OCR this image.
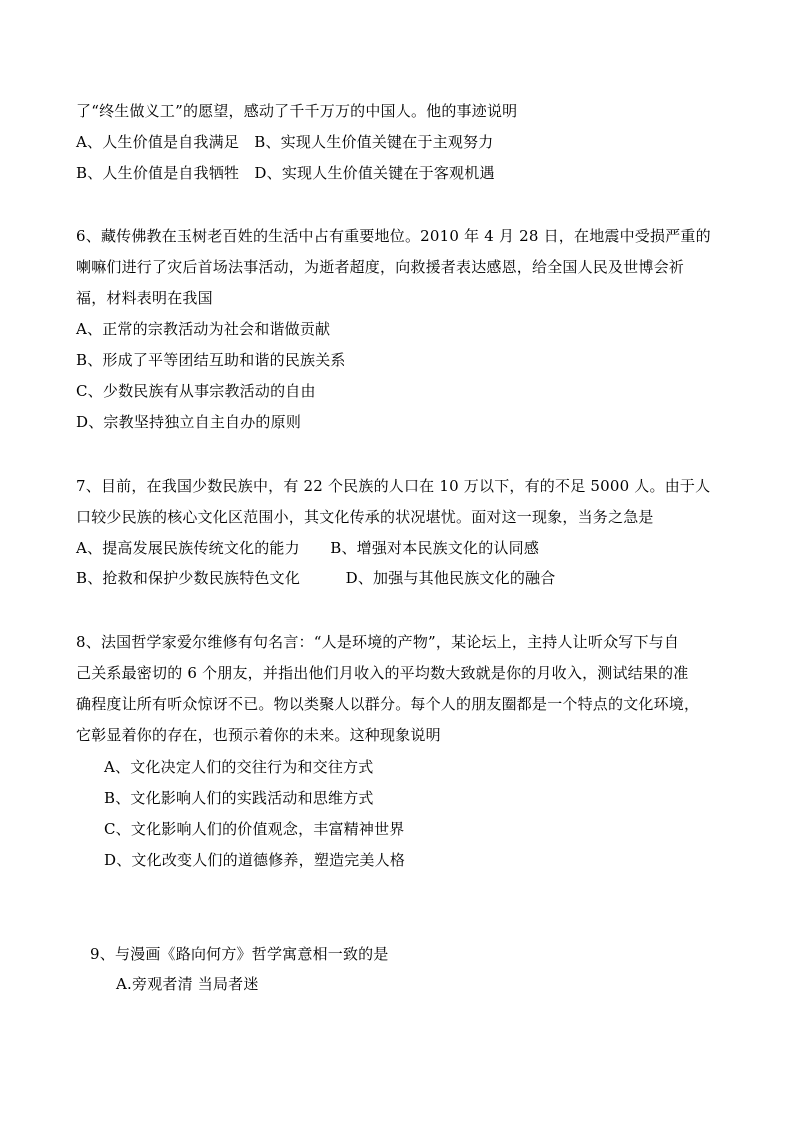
了“终生做义工”的愿望，感动了千千万万的中国人。他的事迹说明
A、人生价值是自我满足　B、实现人生价值关键在于主观努力
B、人生价值是自我牺牲　D、实现人生价值关键在于客观机遇
6、藏传佛教在玉树老百姓的生活中占有重要地位。2010 年 4 月 28 日，在地震中受损严重的
喇嘛们进行了灾后首场法事活动，为逝者超度，向救援者表达感恩，给全国人民及世博会祈
福，材料表明在我国
A、正常的宗教活动为社会和谐做贡献
B、形成了平等团结互助和谐的民族关系
C、少数民族有从事宗教活动的自由
D、宗教坚持独立自主自办的原则
7、目前，在我国少数民族中，有 22 个民族的人口在 10 万以下，有的不足 5000 人。由于人
口较少民族的核心文化区范围小，其文化传承的状况堪忧。面对这一现象，当务之急是
A、提高发展民族传统文化的能力　　B、增强对本民族文化的认同感
B、抢救和保护少数民族特色文化　　　D、加强与其他民族文化的融合
8、法国哲学家爱尔维修有句名言：“人是环境的产物”，某论坛上，主持人让听众写下与自
己关系最密切的 6 个朋友，并指出他们月收入的平均数大致就是你的月收入，测试结果的准
确程度让所有听众惊讶不已。物以类聚人以群分。每个人的朋友圈都是一个特点的文化环境，
它彰显着你的存在，也预示着你的未来。这种现象说明
A、文化决定人们的交往行为和交往方式
B、文化影响人们的实践活动和思维方式
C、文化影响人们的价值观念，丰富精神世界
D、文化改变人们的道德修养，塑造完美人格
9、与漫画《路向何方》哲学寓意相一致的是
A.旁观者清 当局者迷
